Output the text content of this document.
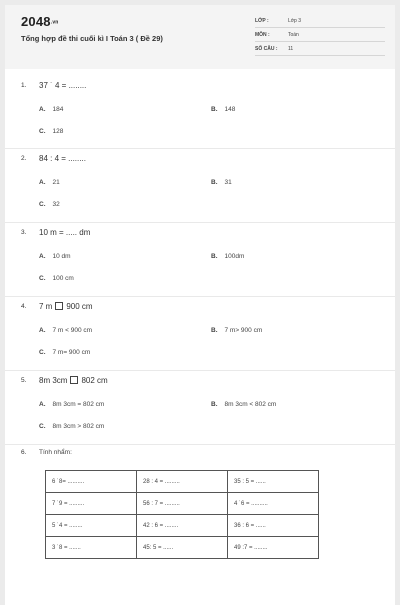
2048.vn
Tổng hợp đề thi cuối kì I Toán 3 ( Đề 29)
LỚP :	Lớp 3
MÔN :	Toán
SỐ CÂU : 11
1. 37 ˙ 4 = ........
A. 184	B. 148
C. 128
2. 84 : 4 = ........
A. 21	B. 31
C. 32
3. 10 m = ..... dm
A. 10 dm	B. 100dm
C. 100 cm
4. 7 m 900 cm
A. 7 m < 900 cm	B. 7 m> 900 cm
C. 7 m= 900 cm
5. 8m 3cm 802 cm
A. 8m 3cm = 802 cm	B. 8m 3cm < 802 cm
C. 8m 3cm > 802 cm
6. Tính nhẩm:
6 ˙8= ..........	28 : 4 = .........	35 : 5 = ......
7 ˙9 = .........	56 : 7 = .........	4 ˙6 = ..........
5 ˙4 = ........	42 : 6 = ........	36 : 6 = ......
3 ˙8 = .......	45: 5 = ......	49 :7 = ........
